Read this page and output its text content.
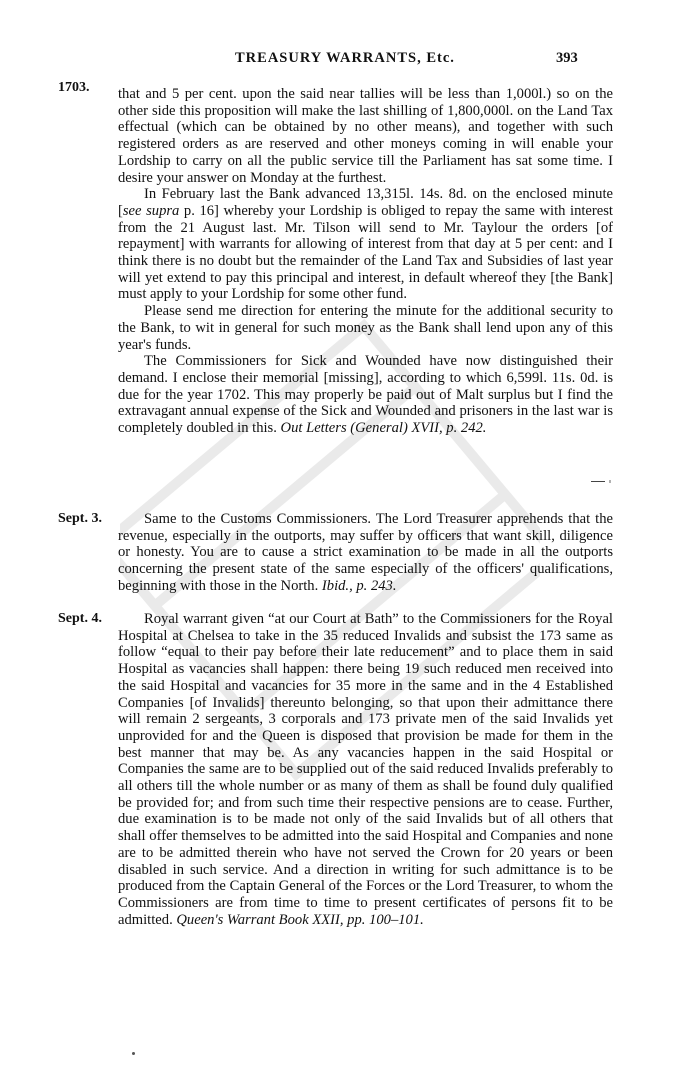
TREASURY WARRANTS, Etc.	393
1703. that and 5 per cent. upon the said near tallies will be less than 1,000l.) so on the other side this proposition will make the last shilling of 1,800,000l. on the Land Tax effectual (which can be obtained by no other means), and together with such registered orders as are reserved and other moneys coming in will enable your Lordship to carry on all the public service till the Parliament has sat some time. I desire your answer on Monday at the furthest.

In February last the Bank advanced 13,315l. 14s. 8d. on the enclosed minute [see supra p. 16] whereby your Lordship is obliged to repay the same with interest from the 21 August last. Mr. Tilson will send to Mr. Taylour the orders [of repayment] with warrants for allowing of interest from that day at 5 per cent: and I think there is no doubt but the remainder of the Land Tax and Subsidies of last year will yet extend to pay this principal and interest, in default whereof they [the Bank] must apply to your Lordship for some other fund.

Please send me direction for entering the minute for the additional security to the Bank, to wit in general for such money as the Bank shall lend upon any of this year's funds.

The Commissioners for Sick and Wounded have now distinguished their demand. I enclose their memorial [missing], according to which 6,599l. 11s. 0d. is due for the year 1702. This may properly be paid out of Malt surplus but I find the extravagant annual expense of the Sick and Wounded and prisoners in the last war is completely doubled in this. Out Letters (General) XVII, p. 242.

Sept. 3.	Same to the Customs Commissioners. The Lord Treasurer apprehends that the revenue, especially in the outports, may suffer by officers that want skill, diligence or honesty. You are to cause a strict examination to be made in all the outports concerning the present state of the same especially of the officers' qualifications, beginning with those in the North. Ibid., p. 243.

Sept. 4.	Royal warrant given “at our Court at Bath” to the Commissioners for the Royal Hospital at Chelsea to take in the 35 reduced Invalids and subsist the 173 same as follow “equal to their pay before their late reducement” and to place them in said Hospital as vacancies shall happen: there being 19 such reduced men received into the said Hospital and vacancies for 35 more in the same and in the 4 Established Companies [of Invalids] thereunto belonging, so that upon their admittance there will remain 2 sergeants, 3 corporals and 173 private men of the said Invalids yet unprovided for and the Queen is disposed that provision be made for them in the best manner that may be. As any vacancies happen in the said Hospital or Companies the same are to be supplied out of the said reduced Invalids preferably to all others till the whole number or as many of them as shall be found duly qualified be provided for; and from such time their respective pensions are to cease. Further, due examination is to be made not only of the said Invalids but of all others that shall offer themselves to be admitted into the said Hospital and Companies and none are to be admitted therein who have not served the Crown for 20 years or been disabled in such service. And a direction in writing for such admittance is to be produced from the Captain General of the Forces or the Lord Treasurer, to whom the Commissioners are from time to time to present certificates of persons fit to be admitted. Queen's Warrant Book XXII, pp. 100–101.
